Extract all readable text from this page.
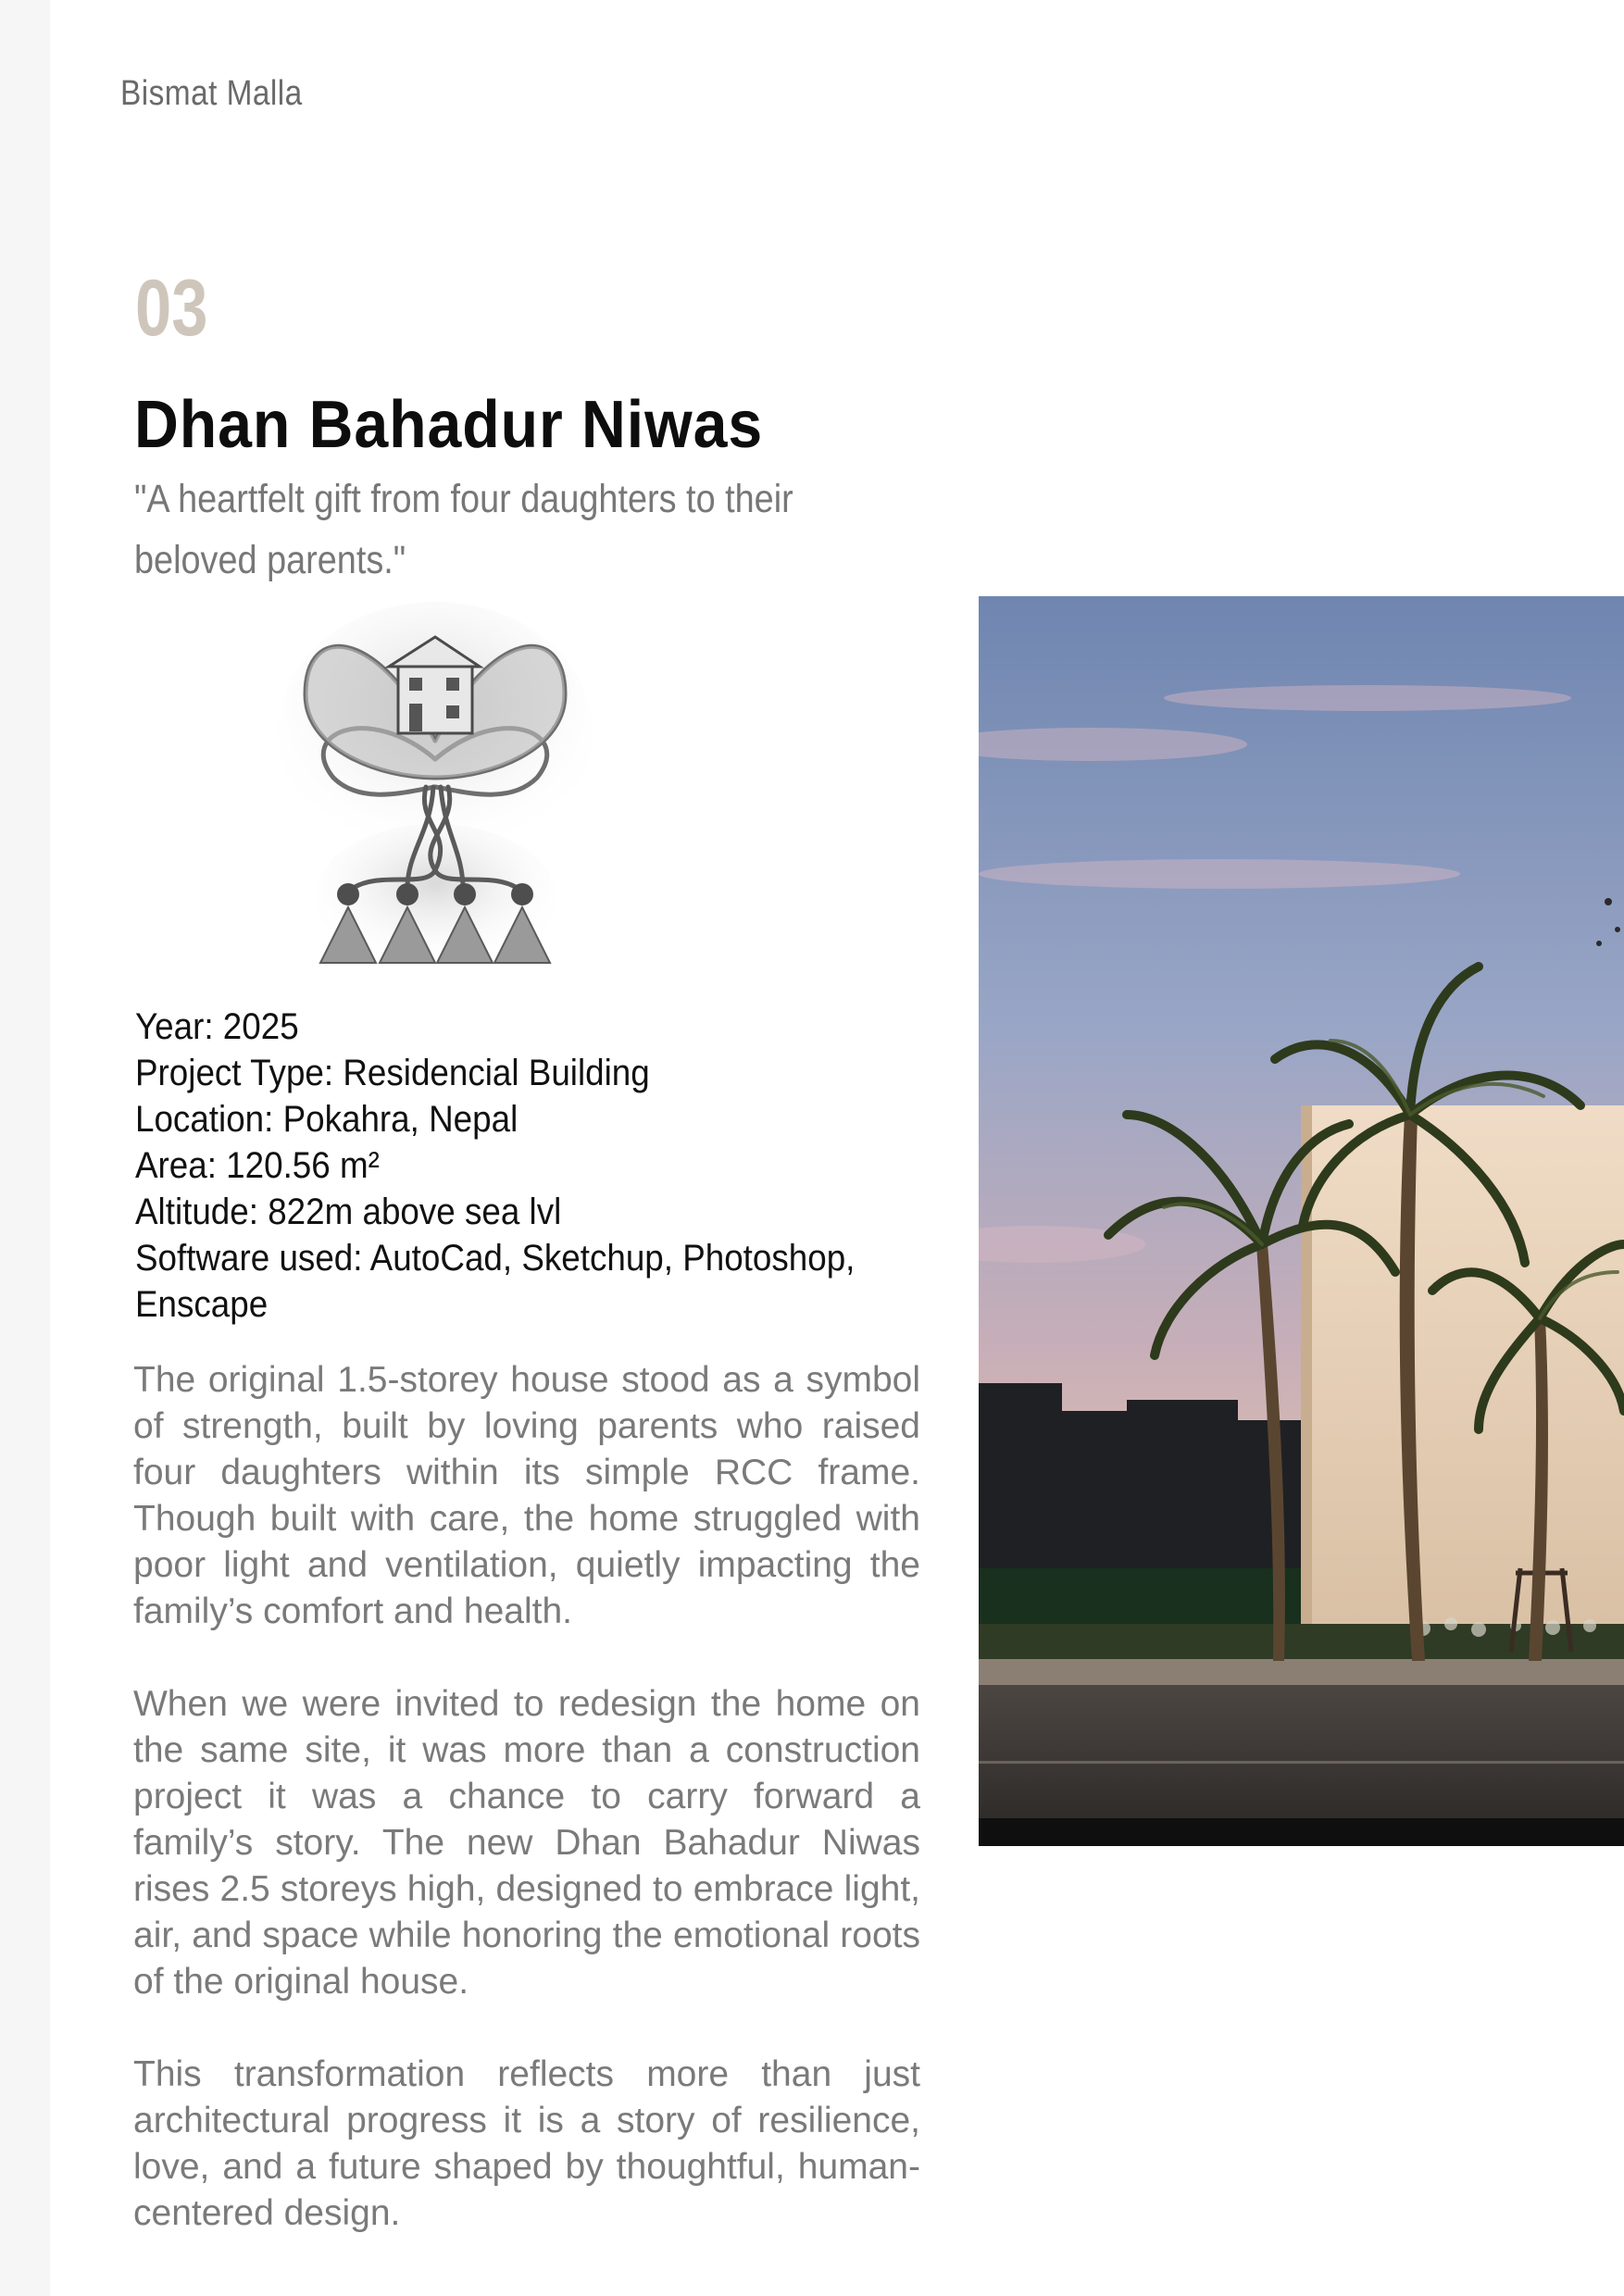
Bismat Malla
03
Dhan Bahadur Niwas
"A heartfelt gift from four daughters to their beloved parents."
Year: 2025
Project Type: Residencial Building
Location: Pokahra, Nepal
Area: 120.56 m²
Altitude: 822m above sea lvl
Software used: AutoCad, Sketchup, Photoshop, Enscape

The original 1.5-storey house stood as a symbol of strength, built by loving parents who raised four daughters within its simple RCC frame. Though built with care, the home struggled with poor light and ventilation, quietly impacting the family’s comfort and health.

When we were invited to redesign the home on the same site, it was more than a construction project it was a chance to carry forward a family’s story. The new Dhan Bahadur Niwas rises 2.5 storeys high, designed to embrace light, air, and space while honoring the emotional roots of the original house.

This transformation reflects more than just architectural progress it is a story of resilience, love, and a future shaped by thoughtful, human-centered design.
